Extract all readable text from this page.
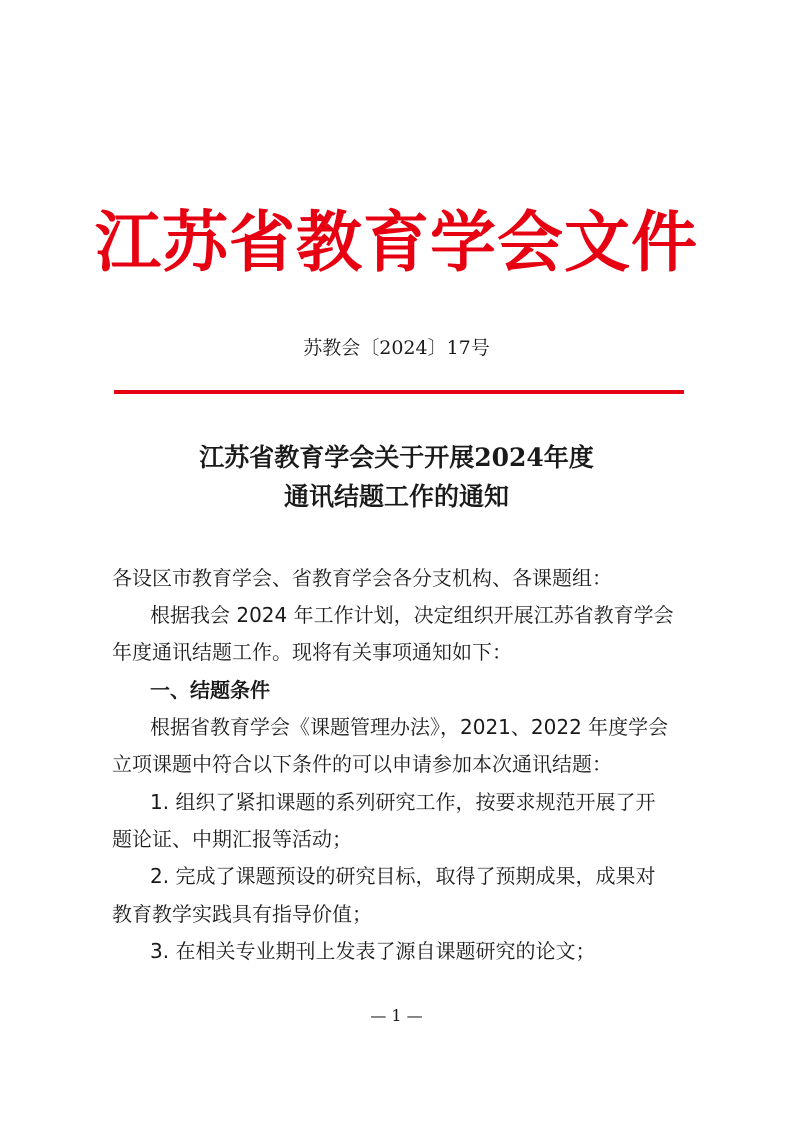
江苏省教育学会文件
苏教会〔2024〕17号
江苏省教育学会关于开展2024年度
通讯结题工作的通知
各设区市教育学会、省教育学会各分支机构、各课题组：
根据我会 2024 年工作计划，决定组织开展江苏省教育学会
年度通讯结题工作。现将有关事项通知如下：
一、结题条件
根据省教育学会《课题管理办法》，2021、2022 年度学会
立项课题中符合以下条件的可以申请参加本次通讯结题：
1. 组织了紧扣课题的系列研究工作，按要求规范开展了开
题论证、中期汇报等活动；
2. 完成了课题预设的研究目标，取得了预期成果，成果对
教育教学实践具有指导价值；
3. 在相关专业期刊上发表了源自课题研究的论文；
— 1 —
